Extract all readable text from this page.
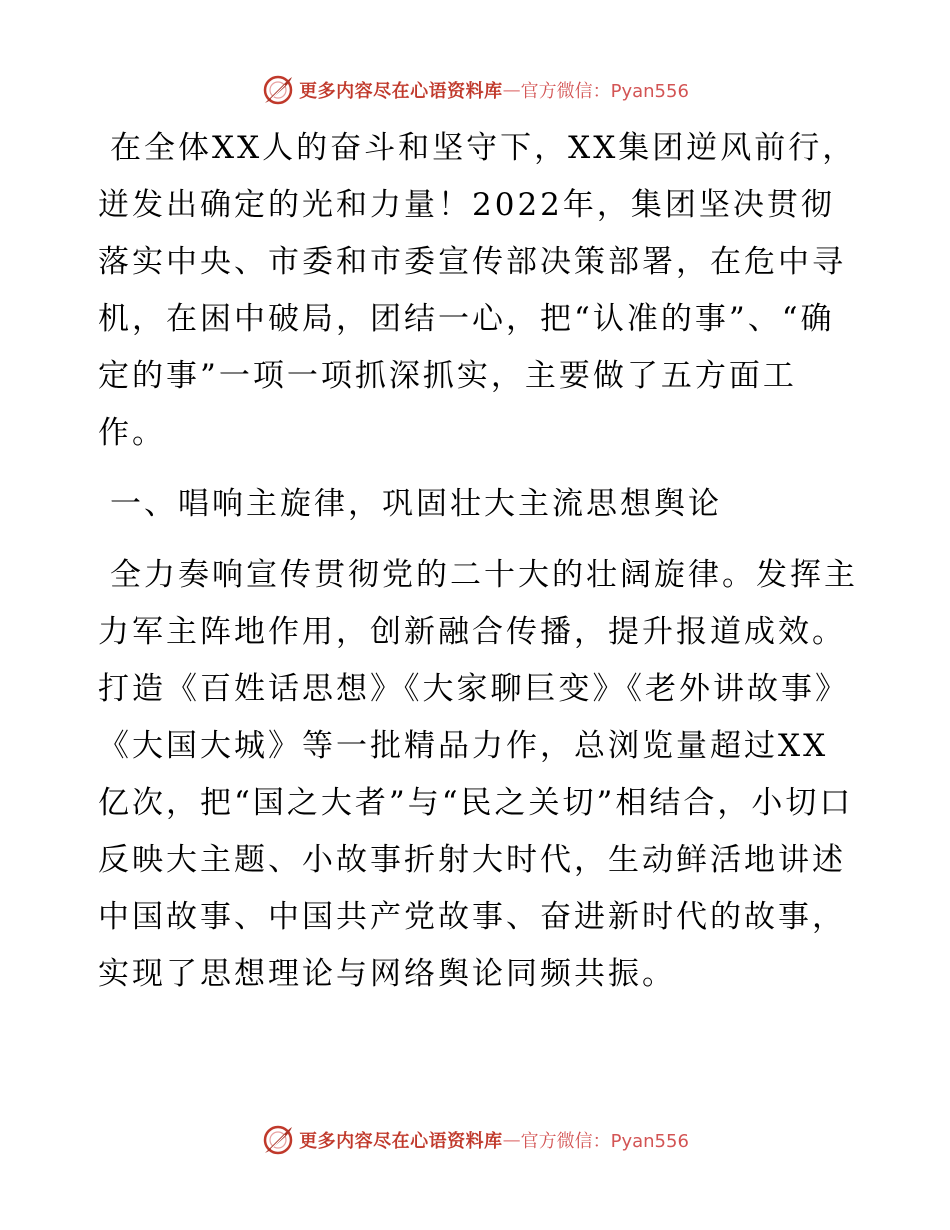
更多内容尽在心语资料库 — 官方微信：Pyan556

在全体XX人的奋斗和坚守下，XX集团逆风前行，迸发出确定的光和力量！2022年，集团坚决贯彻落实中央、市委和市委宣传部决策部署，在危中寻机，在困中破局，团结一心，把“认准的事”、“确定的事”一项一项抓深抓实，主要做了五方面工作。

一、唱响主旋律，巩固壮大主流思想舆论

全力奏响宣传贯彻党的二十大的壮阔旋律。发挥主力军主阵地作用，创新融合传播，提升报道成效。打造《百姓话思想》《大家聊巨变》《老外讲故事》《大国大城》等一批精品力作，总浏览量超过XX亿次，把“国之大者”与“民之关切”相结合，小切口反映大主题、小故事折射大时代，生动鲜活地讲述中国故事、中国共产党故事、奋进新时代的故事，实现了思想理论与网络舆论同频共振。

更多内容尽在心语资料库 — 官方微信：Pyan556
